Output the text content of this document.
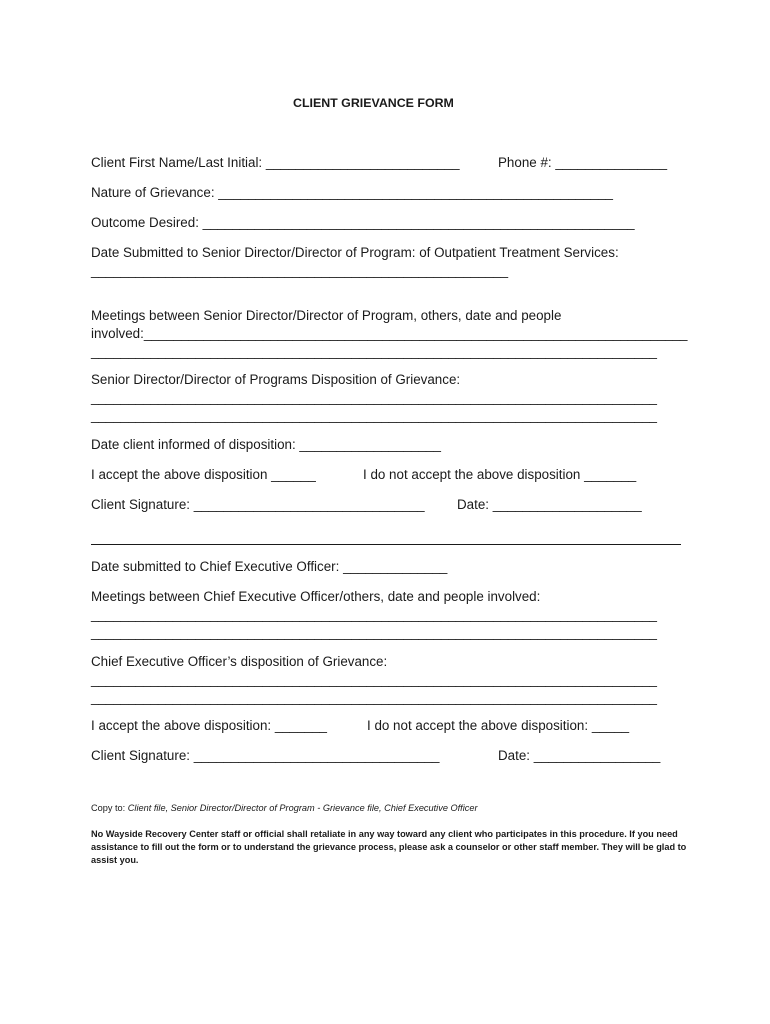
CLIENT GRIEVANCE FORM
Client First Name/Last Initial: __________________________	Phone #: _______________
Nature of Grievance: _____________________________________________________
Outcome Desired: __________________________________________________________
Date Submitted to Senior Director/Director of Program: of Outpatient Treatment Services:
________________________________________________________
Meetings between Senior Director/Director of Program, others, date and people
involved:_________________________________________________________________________
____________________________________________________________________________
Senior Director/Director of Programs Disposition of Grievance:
____________________________________________________________________________
____________________________________________________________________________
Date client informed of disposition: ___________________
I accept the above disposition ______	I do not accept the above disposition _______
Client Signature: _______________________________ Date: ____________________
Date submitted to Chief Executive Officer: ______________
Meetings between Chief Executive Officer/others, date and people involved:
____________________________________________________________________________
____________________________________________________________________________
Chief Executive Officer’s disposition of Grievance:
____________________________________________________________________________
____________________________________________________________________________
I accept the above disposition: _______	I do not accept the above disposition: _____
Client Signature: _________________________________	Date: _________________
Copy to: Client file, Senior Director/Director of Program - Grievance file, Chief Executive Officer
No Wayside Recovery Center staff or official shall retaliate in any way toward any client who participates in this procedure. If you need assistance to fill out the form or to understand the grievance process, please ask a counselor or other staff member. They will be glad to assist you.
